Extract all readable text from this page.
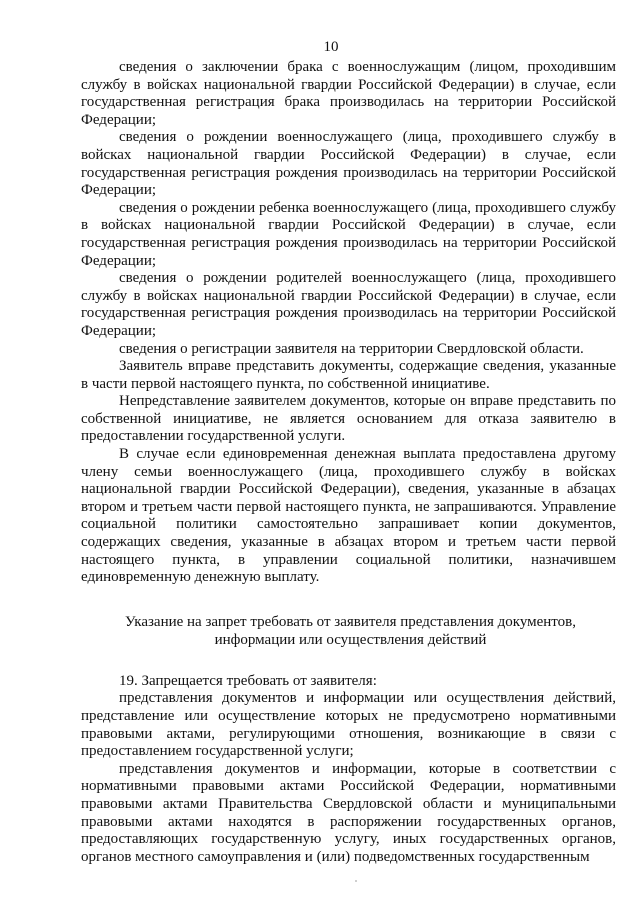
10

сведения о заключении брака с военнослужащим (лицом, проходившим службу в войсках национальной гвардии Российской Федерации) в случае, если государственная регистрация брака производилась на территории Российской Федерации;

сведения о рождении военнослужащего (лица, проходившего службу в войсках национальной гвардии Российской Федерации) в случае, если государственная регистрация рождения производилась на территории Российской Федерации;

сведения о рождении ребенка военнослужащего (лица, проходившего службу в войсках национальной гвардии Российской Федерации) в случае, если государственная регистрация рождения производилась на территории Российской Федерации;

сведения о рождении родителей военнослужащего (лица, проходившего службу в войсках национальной гвардии Российской Федерации) в случае, если государственная регистрация рождения производилась на территории Российской Федерации;

сведения о регистрации заявителя на территории Свердловской области.

Заявитель вправе представить документы, содержащие сведения, указанные в части первой настоящего пункта, по собственной инициативе.

Непредставление заявителем документов, которые он вправе представить по собственной инициативе, не является основанием для отказа заявителю в предоставлении государственной услуги.

В случае если единовременная денежная выплата предоставлена другому члену семьи военнослужащего (лица, проходившего службу в войсках национальной гвардии Российской Федерации), сведения, указанные в абзацах втором и третьем части первой настоящего пункта, не запрашиваются. Управление социальной политики самостоятельно запрашивает копии документов, содержащих сведения, указанные в абзацах втором и третьем части первой настоящего пункта, в управлении социальной политики, назначившем единовременную денежную выплату.

Указание на запрет требовать от заявителя представления документов,
информации или осуществления действий

19. Запрещается требовать от заявителя:

представления документов и информации или осуществления действий, представление или осуществление которых не предусмотрено нормативными правовыми актами, регулирующими отношения, возникающие в связи с предоставлением государственной услуги;

представления документов и информации, которые в соответствии с нормативными правовыми актами Российской Федерации, нормативными правовыми актами Правительства Свердловской области и муниципальными правовыми актами находятся в распоряжении государственных органов, предоставляющих государственную услугу, иных государственных органов, органов местного самоуправления и (или) подведомственных государственным
